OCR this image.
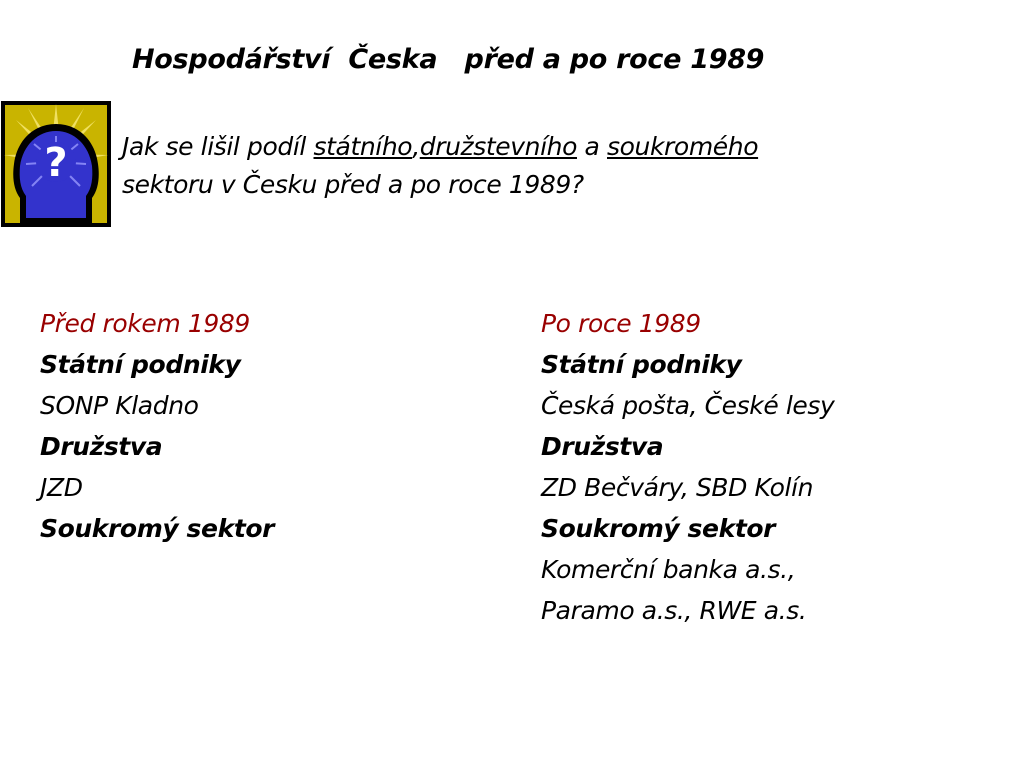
Hospodářství  Česka   před a po roce 1989
? Jak se lišil podíl státního,družstevního a soukromého
sektoru v Česku před a po roce 1989?
Před rokem 1989
Státní podniky
SONP Kladno
Družstva
JZD
Soukromý sektor
Po roce 1989
Státní podniky
Česká pošta, České lesy
Družstva
ZD Bečváry, SBD Kolín
Soukromý sektor
Komerční banka a.s.,
Paramo a.s., RWE a.s.
